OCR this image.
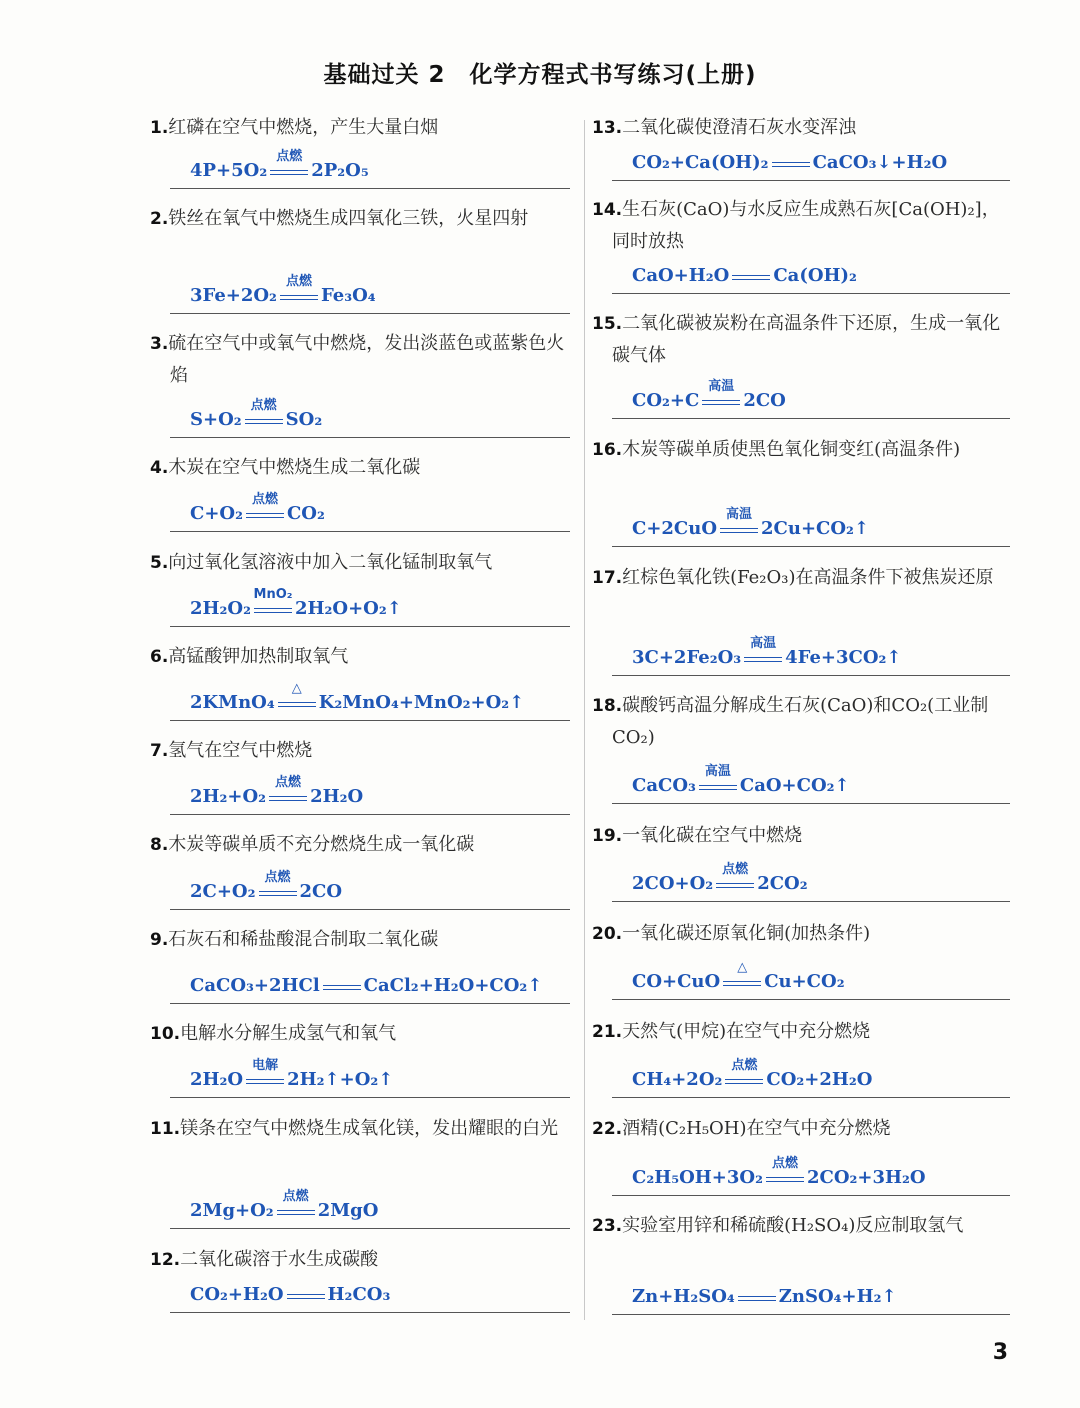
基础过关 2　化学方程式书写练习(上册)

1.红磷在空气中燃烧，产生大量白烟

4P+5O₂
点燃
2P₂O₅

2.铁丝在氧气中燃烧生成四氧化三铁，火星四射

3Fe+2O₂
点燃
Fe₃O₄

3.硫在空气中或氧气中燃烧，发出淡蓝色或蓝紫色火焰

S+O₂
点燃
SO₂

4.木炭在空气中燃烧生成二氧化碳

C+O₂
点燃
CO₂

5.向过氧化氢溶液中加入二氧化锰制取氧气

2H₂O₂
MnO₂
2H₂O+O₂↑

6.高锰酸钾加热制取氧气

2KMnO₄
△
K₂MnO₄+MnO₂+O₂↑

7.氢气在空气中燃烧

2H₂+O₂
点燃
2H₂O

8.木炭等碳单质不充分燃烧生成一氧化碳

2C+O₂
点燃
2CO

9.石灰石和稀盐酸混合制取二氧化碳

CaCO₃+2HCl CaCl₂+H₂O+CO₂↑

10.电解水分解生成氢气和氧气

2H₂O
电解
2H₂↑+O₂↑

11.镁条在空气中燃烧生成氧化镁，发出耀眼的白光

2Mg+O₂
点燃
2MgO

12.二氧化碳溶于水生成碳酸

CO₂+H₂O H₂CO₃

13.二氧化碳使澄清石灰水变浑浊

CO₂+Ca(OH)₂ CaCO₃↓+H₂O

14.生石灰(CaO)与水反应生成熟石灰[Ca(OH)₂]，同时放热

CaO+H₂O Ca(OH)₂

15.二氧化碳被炭粉在高温条件下还原，生成一氧化碳气体

CO₂+C
高温
2CO

16.木炭等碳单质使黑色氧化铜变红(高温条件)

C+2CuO
高温
2Cu+CO₂↑

17.红棕色氧化铁(Fe₂O₃)在高温条件下被焦炭还原

3C+2Fe₂O₃
高温
4Fe+3CO₂↑

18.碳酸钙高温分解成生石灰(CaO)和CO₂(工业制CO₂)

CaCO₃
高温
CaO+CO₂↑

19.一氧化碳在空气中燃烧

2CO+O₂
点燃
2CO₂

20.一氧化碳还原氧化铜(加热条件)

CO+CuO
△
Cu+CO₂

21.天然气(甲烷)在空气中充分燃烧

CH₄+2O₂
点燃
CO₂+2H₂O

22.酒精(C₂H₅OH)在空气中充分燃烧

C₂H₅OH+3O₂
点燃
2CO₂+3H₂O

23.实验室用锌和稀硫酸(H₂SO₄)反应制取氢气

Zn+H₂SO₄ ZnSO₄+H₂↑
3
